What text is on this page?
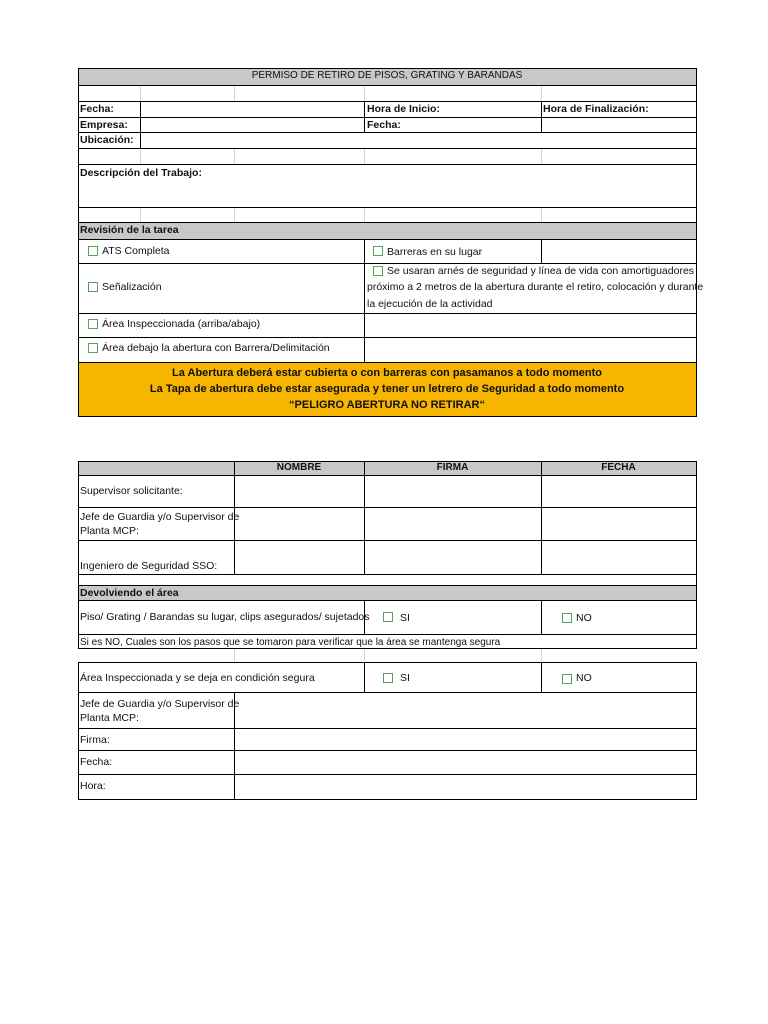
PERMISO DE RETIRO DE PISOS, GRATING Y BARANDAS
Fecha:	Hora de Inicio:	Hora de Finalización:
Empresa:	Fecha:
Ubicación:
Descripción del Trabajo:
Revisión de la tarea
ATS Completa	Barreras en su lugar
Señalización
Se usaran arnés de seguridad y línea de vida con amortiguadores
próximo a 2 metros de la abertura durante el retiro, colocación y durante
la ejecución de la actividad
Área Inspeccionada (arriba/abajo)
Área debajo la abertura con Barrera/Delimitación
La Abertura deberá estar cubierta o con barreras con pasamanos a todo momento
La Tapa de abertura debe estar asegurada y tener un letrero de Seguridad a todo momento
“PELIGRO ABERTURA NO RETIRAR“
NOMBRE	FIRMA	FECHA
Supervisor solicitante:
Jefe de Guardia y/o Supervisor de
Planta MCP:
Ingeniero de Seguridad SSO:
Devolviendo el área
Piso/ Grating / Barandas su lugar, clips asegurados/ sujetados	SI	NO
Si es NO, Cuales son los pasos que se tomaron para verificar que la área se mantenga segura
Área Inspeccionada y se deja en condición segura	SI	NO
Jefe de Guardia y/o Supervisor de
Planta MCP:
Firma:
Fecha:
Hora:
